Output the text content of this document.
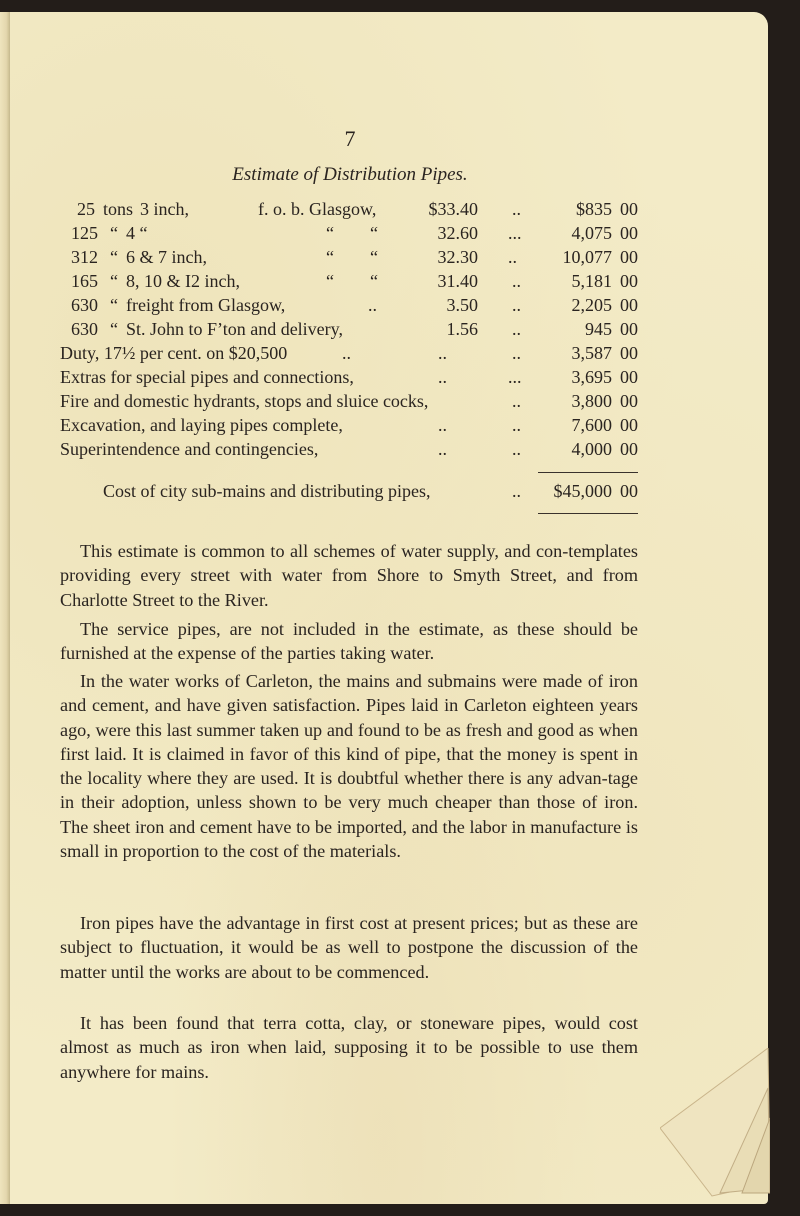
7
Estimate of Distribution Pipes.
25 tons 3 inch,	f. o. b. Glasgow,	$33.40 ..	$835 00
125 “ 4 “	“ “	32.60 ...	4,075 00
312 “ 6 & 7 inch,	“ “	32.30 ..	10,077 00
165 “ 8, 10 & I2 inch,	“ “	31.40 ..	5,181 00
630 “ freight from Glasgow,	..	3.50 ..	2,205 00
630 “ St. John to F’ton and delivery,	1.56 ..	945 00
Duty, 17½ per cent. on $20,500	..	..	..	3,587 00
Extras for special pipes and connections,	..	...	3,695 00
Fire and domestic hydrants, stops and sluice cocks,	..	3,800 00
Excavation, and laying pipes complete,	..	..	7,600 00
Superintendence and contingencies,	..	..	4,000 00
Cost of city sub-mains and distributing pipes,	..	$45,000 00

This estimate is common to all schemes of water supply, and con-templates providing every street with water from Shore to Smyth Street, and from Charlotte Street to the River.

The service pipes, are not included in the estimate, as these should be furnished at the expense of the parties taking water.

In the water works of Carleton, the mains and submains were made of iron and cement, and have given satisfaction. Pipes laid in Carleton eighteen years ago, were this last summer taken up and found to be as fresh and good as when first laid. It is claimed in favor of this kind of pipe, that the money is spent in the locality where they are used. It is doubtful whether there is any advan-tage in their adoption, unless shown to be very much cheaper than those of iron. The sheet iron and cement have to be imported, and the labor in manufacture is small in proportion to the cost of the materials.

Iron pipes have the advantage in first cost at present prices; but as these are subject to fluctuation, it would be as well to postpone the discussion of the matter until the works are about to be commenced.

It has been found that terra cotta, clay, or stoneware pipes, would cost almost as much as iron when laid, supposing it to be possible to use them anywhere for mains.
